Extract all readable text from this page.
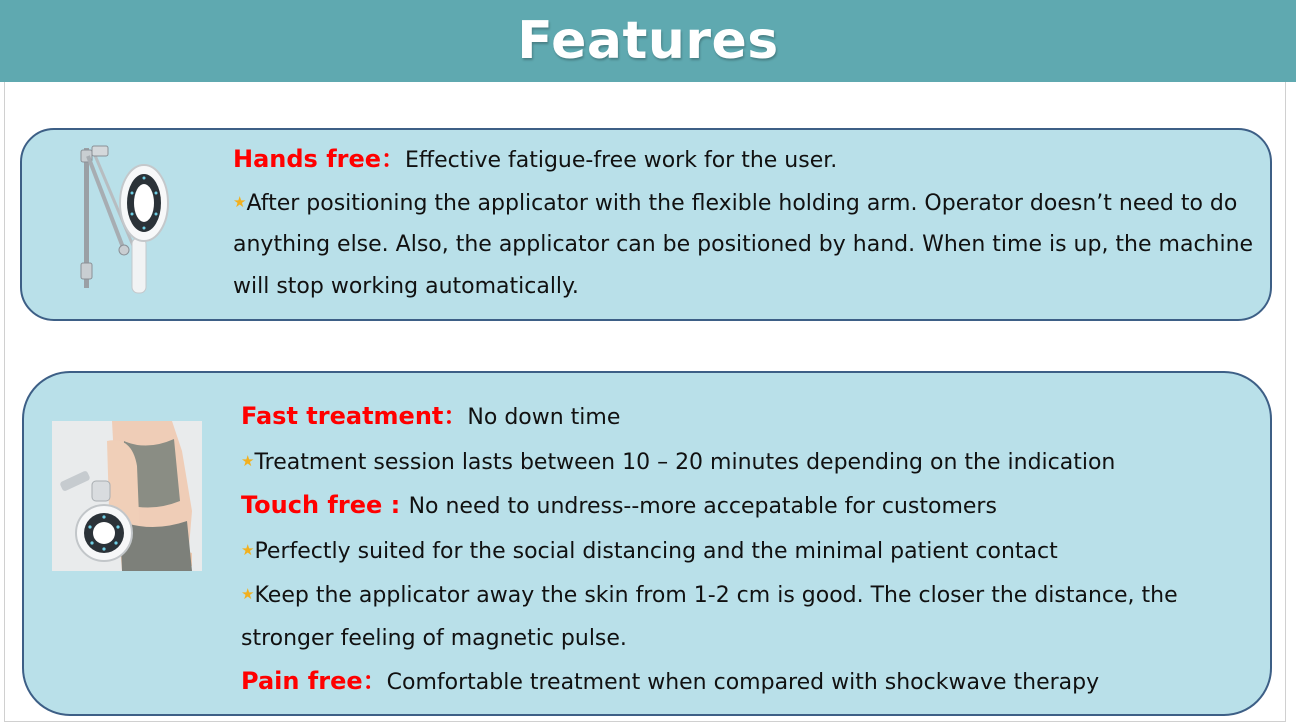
Features
Hands free：Effective fatigue-free work for the user.
★After positioning the applicator with the flexible holding arm. Operator doesn’t need to do anything else. Also, the applicator can be positioned by hand. When time is up, the machine will stop working automatically.
Fast treatment：No down time
★Treatment session lasts between 10 – 20 minutes depending on the indication
Touch free : No need to undress--more accepatable for customers
★Perfectly suited for the social distancing and the minimal patient contact
★Keep the applicator away the skin from 1-2 cm is good. The closer the distance, the stronger feeling of magnetic pulse.
Pain free：Comfortable treatment when compared with shockwave therapy
